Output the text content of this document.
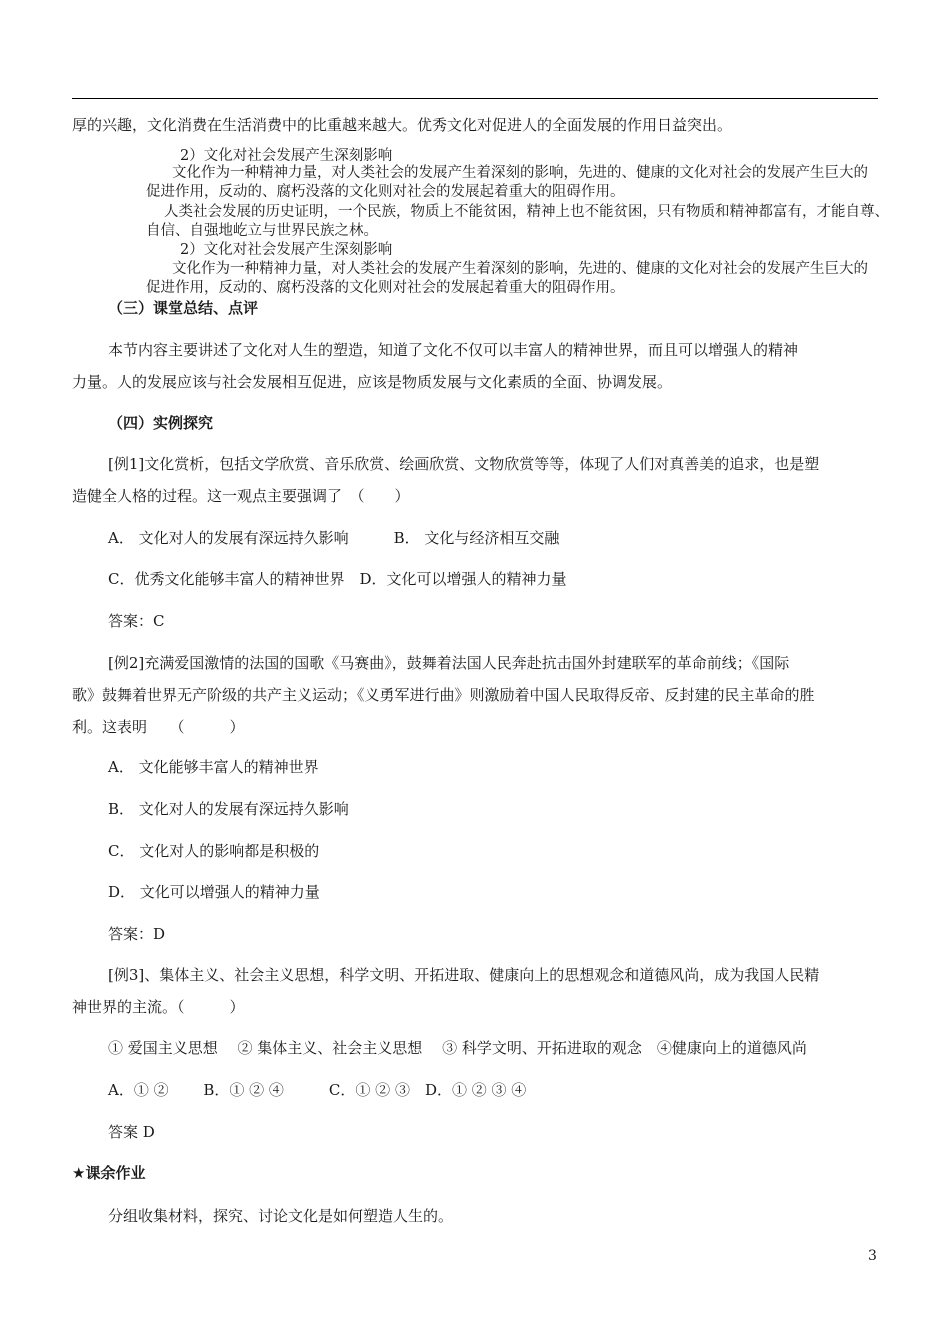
厚的兴趣，文化消费在生活消费中的比重越来越大。优秀文化对促进人的全面发展的作用日益突出。
2）文化对社会发展产生深刻影响
文化作为一种精神力量，对人类社会的发展产生着深刻的影响，先进的、健康的文化对社会的发展产生巨大的
促进作用，反动的、腐朽没落的文化则对社会的发展起着重大的阻碍作用。
人类社会发展的历史证明，一个民族，物质上不能贫困，精神上也不能贫困，只有物质和精神都富有，才能自尊、
自信、自强地屹立与世界民族之林。
2）文化对社会发展产生深刻影响
文化作为一种精神力量，对人类社会的发展产生着深刻的影响，先进的、健康的文化对社会的发展产生巨大的
促进作用，反动的、腐朽没落的文化则对社会的发展起着重大的阻碍作用。
（三）课堂总结、点评
本节内容主要讲述了文化对人生的塑造，知道了文化不仅可以丰富人的精神世界，而且可以增强人的精神
力量。人的发展应该与社会发展相互促进，应该是物质发展与文化素质的全面、协调发展。
（四）实例探究
[例1]文化赏析，包括文学欣赏、音乐欣赏、绘画欣赏、文物欣赏等等，体现了人们对真善美的追求，也是塑
造健全人格的过程。这一观点主要强调了　（　　）
A． 文化对人的发展有深远持久影响　　　B． 文化与经济相互交融
C．优秀文化能够丰富人的精神世界　D．文化可以增强人的精神力量
答案：C
[例2]充满爱国激情的法国的国歌《马赛曲》，鼓舞着法国人民奔赴抗击国外封建联军的革命前线；《国际
歌》鼓舞着世界无产阶级的共产主义运动；《义勇军进行曲》则激励着中国人民取得反帝、反封建的民主革命的胜
利。这表明　　（　　　）
A． 文化能够丰富人的精神世界
B． 文化对人的发展有深远持久影响
C． 文化对人的影响都是积极的
D． 文化可以增强人的精神力量
答案：D
[例3]、集体主义、社会主义思想，科学文明、开拓进取、健康向上的思想观念和道德风尚，成为我国人民精
神世界的主流。（　　　）
① 爱国主义思想　 ② 集体主义、社会主义思想　 ③ 科学文明、开拓进取的观念　④健康向上的道德风尚
A．① ②　　 B．① ② ④　　　C．① ② ③　D．① ② ③ ④
答案 D
★课余作业
分组收集材料，探究、讨论文化是如何塑造人生的。
3
